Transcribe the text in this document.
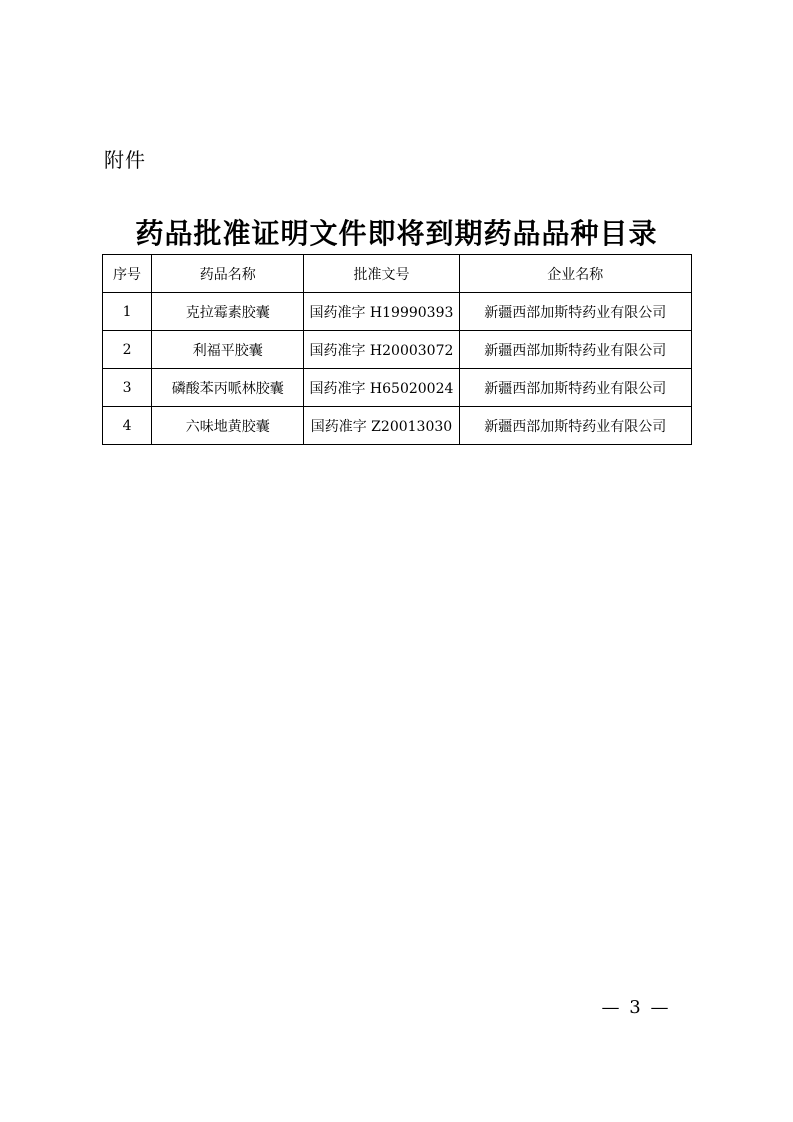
附件
药品批准证明文件即将到期药品品种目录
序号	药品名称	批准文号	企业名称
1	克拉霉素胶囊	国药准字 H19990393	新疆西部加斯特药业有限公司
2	利福平胶囊	国药准字 H20003072	新疆西部加斯特药业有限公司
3	磷酸苯丙哌林胶囊	国药准字 H65020024	新疆西部加斯特药业有限公司
4	六味地黄胶囊	国药准字 Z20013030	新疆西部加斯特药业有限公司
— 3 —
